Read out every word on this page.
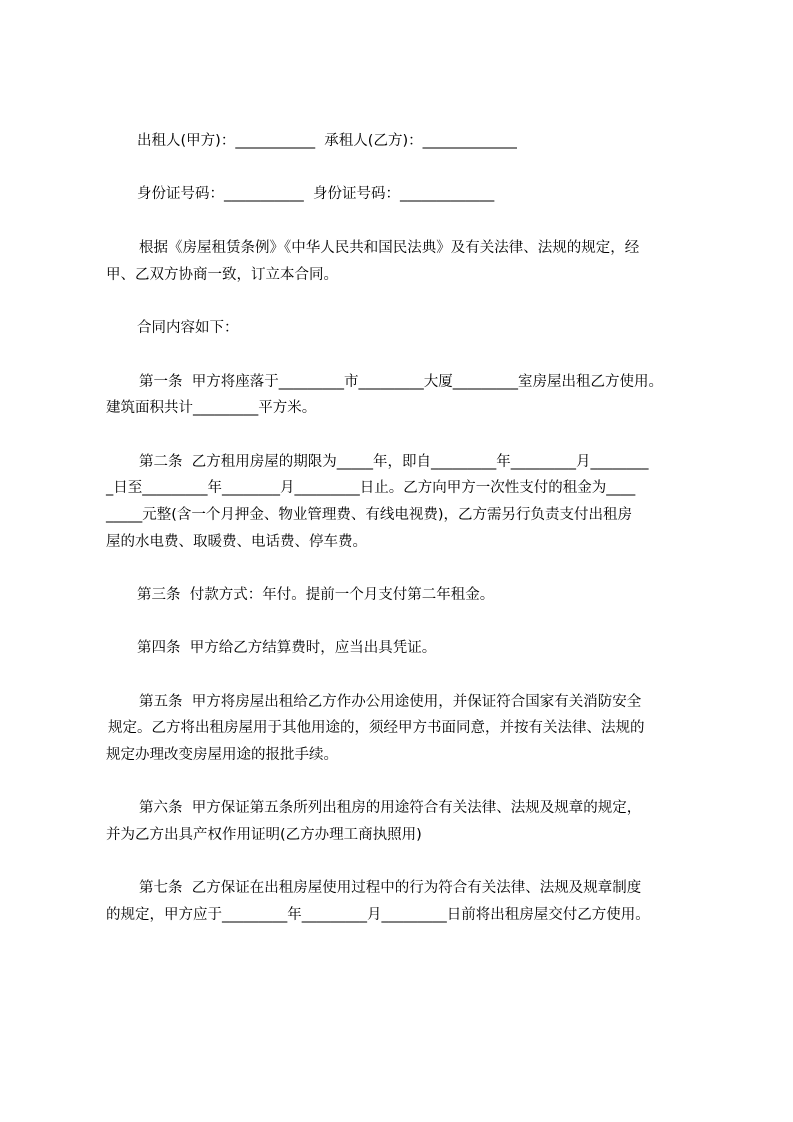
出租人(甲方)：___________  承租人(乙方)：_____________
身份证号码：___________  身份证号码：_____________
根据《房屋租赁条例》《中华人民共和国民法典》及有关法律、法规的规定，经
甲、乙双方协商一致，订立本合同。
合同内容如下：
第一条  甲方将座落于_________市_________大厦_________室房屋出租乙方使用。
建筑面积共计_________平方米。
第二条  乙方租用房屋的期限为_____年，即自_________年_________月________
_日至_________年________月_________日止。乙方向甲方一次性支付的租金为____
_____元整(含一个月押金、物业管理费、有线电视费)，乙方需另行负责支付出租房
屋的水电费、取暖费、电话费、停车费。
第三条  付款方式：年付。提前一个月支付第二年租金。
第四条  甲方给乙方结算费时，应当出具凭证。
第五条  甲方将房屋出租给乙方作办公用途使用，并保证符合国家有关消防安全
规定。乙方将出租房屋用于其他用途的，须经甲方书面同意，并按有关法律、法规的
规定办理改变房屋用途的报批手续。
第六条  甲方保证第五条所列出租房的用途符合有关法律、法规及规章的规定，
并为乙方出具产权作用证明(乙方办理工商执照用)
第七条  乙方保证在出租房屋使用过程中的行为符合有关法律、法规及规章制度
的规定，甲方应于_________年_________月_________日前将出租房屋交付乙方使用。
